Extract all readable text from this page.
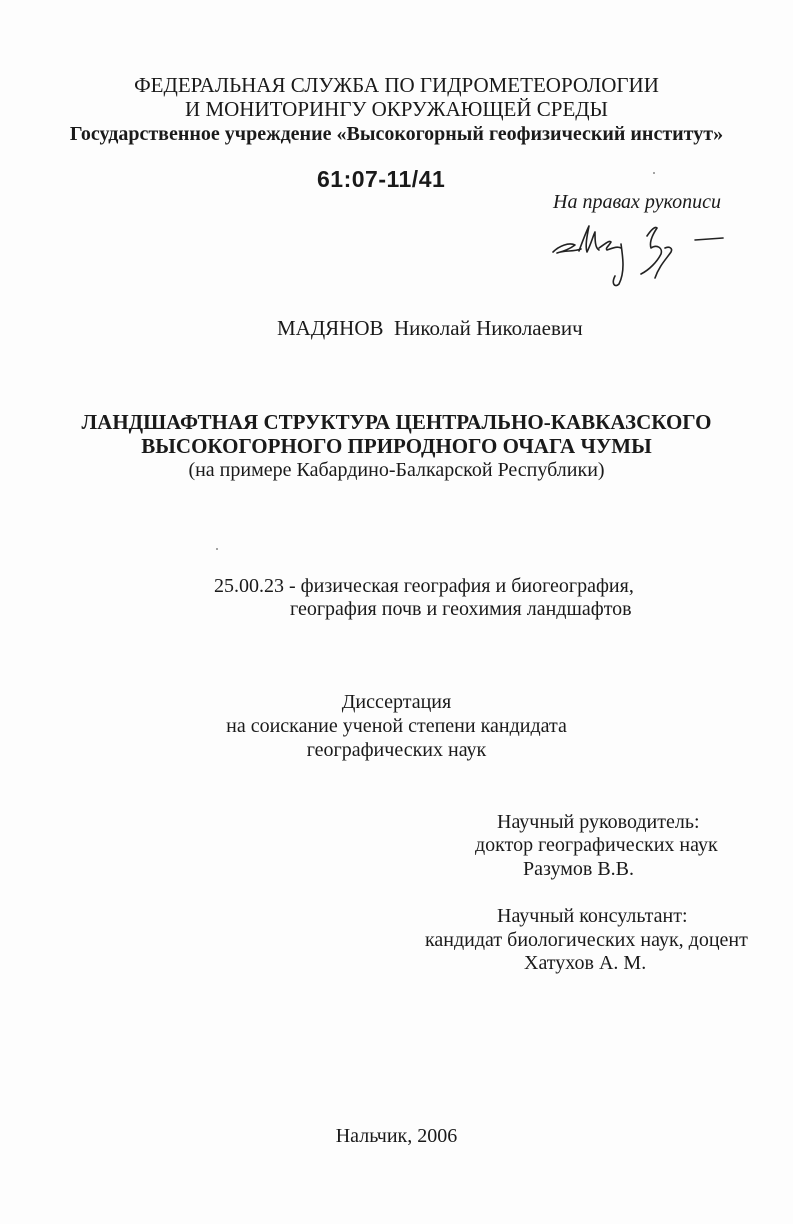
ФЕДЕРАЛЬНАЯ СЛУЖБА ПО ГИДРОМЕТЕОРОЛОГИИ
И МОНИТОРИНГУ ОКРУЖАЮЩЕЙ СРЕДЫ
Государственное учреждение «Высокогорный геофизический институт»
61:07-11/41
На правах рукописи
МАДЯНОВ Николай Николаевич
ЛАНДШАФТНАЯ СТРУКТУРА ЦЕНТРАЛЬНО-КАВКАЗСКОГО
ВЫСОКОГОРНОГО ПРИРОДНОГО ОЧАГА ЧУМЫ
(на примере Кабардино-Балкарской Республики)
25.00.23 - физическая география и биогеография,
география почв и геохимия ландшафтов
Диссертация
на соискание ученой степени кандидата
географических наук
Научный руководитель:
доктор географических наук
Разумов В.В.
Научный консультант:
кандидат биологических наук, доцент
Хатухов А. М.
Нальчик, 2006
